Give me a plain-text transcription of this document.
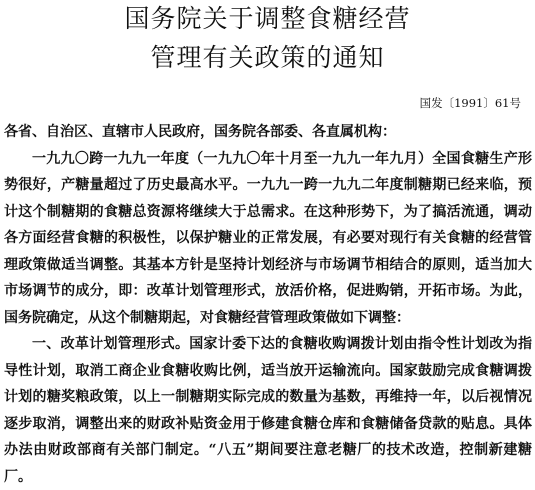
国务院关于调整食糖经营
管理有关政策的通知
国发〔1991〕61号

各省、自治区、直辖市人民政府，国务院各部委、各直属机构：

一九九〇跨一九九一年度（一九九〇年十月至一九九一年九月）全国食糖生产形势很好，产糖量超过了历史最高水平。一九九一跨一九九二年度制糖期已经来临，预计这个制糖期的食糖总资源将继续大于总需求。在这种形势下，为了搞活流通，调动各方面经营食糖的积极性，以保护糖业的正常发展，有必要对现行有关食糖的经营管理政策做适当调整。其基本方针是坚持计划经济与市场调节相结合的原则，适当加大市场调节的成分，即：改革计划管理形式，放活价格，促进购销，开拓市场。为此，国务院确定，从这个制糖期起，对食糖经营管理政策做如下调整：

一、改革计划管理形式。国家计委下达的食糖收购调拨计划由指令性计划改为指导性计划，取消工商企业食糖收购比例，适当放开运输流向。国家鼓励完成食糖调拨计划的糖奖粮政策，以上一制糖期实际完成的数量为基数，再维持一年，以后视情况逐步取消，调整出来的财政补贴资金用于修建食糖仓库和食糖储备贷款的贴息。具体办法由财政部商有关部门制定。“八五”期间要注意老糖厂的技术改造，控制新建糖厂。
